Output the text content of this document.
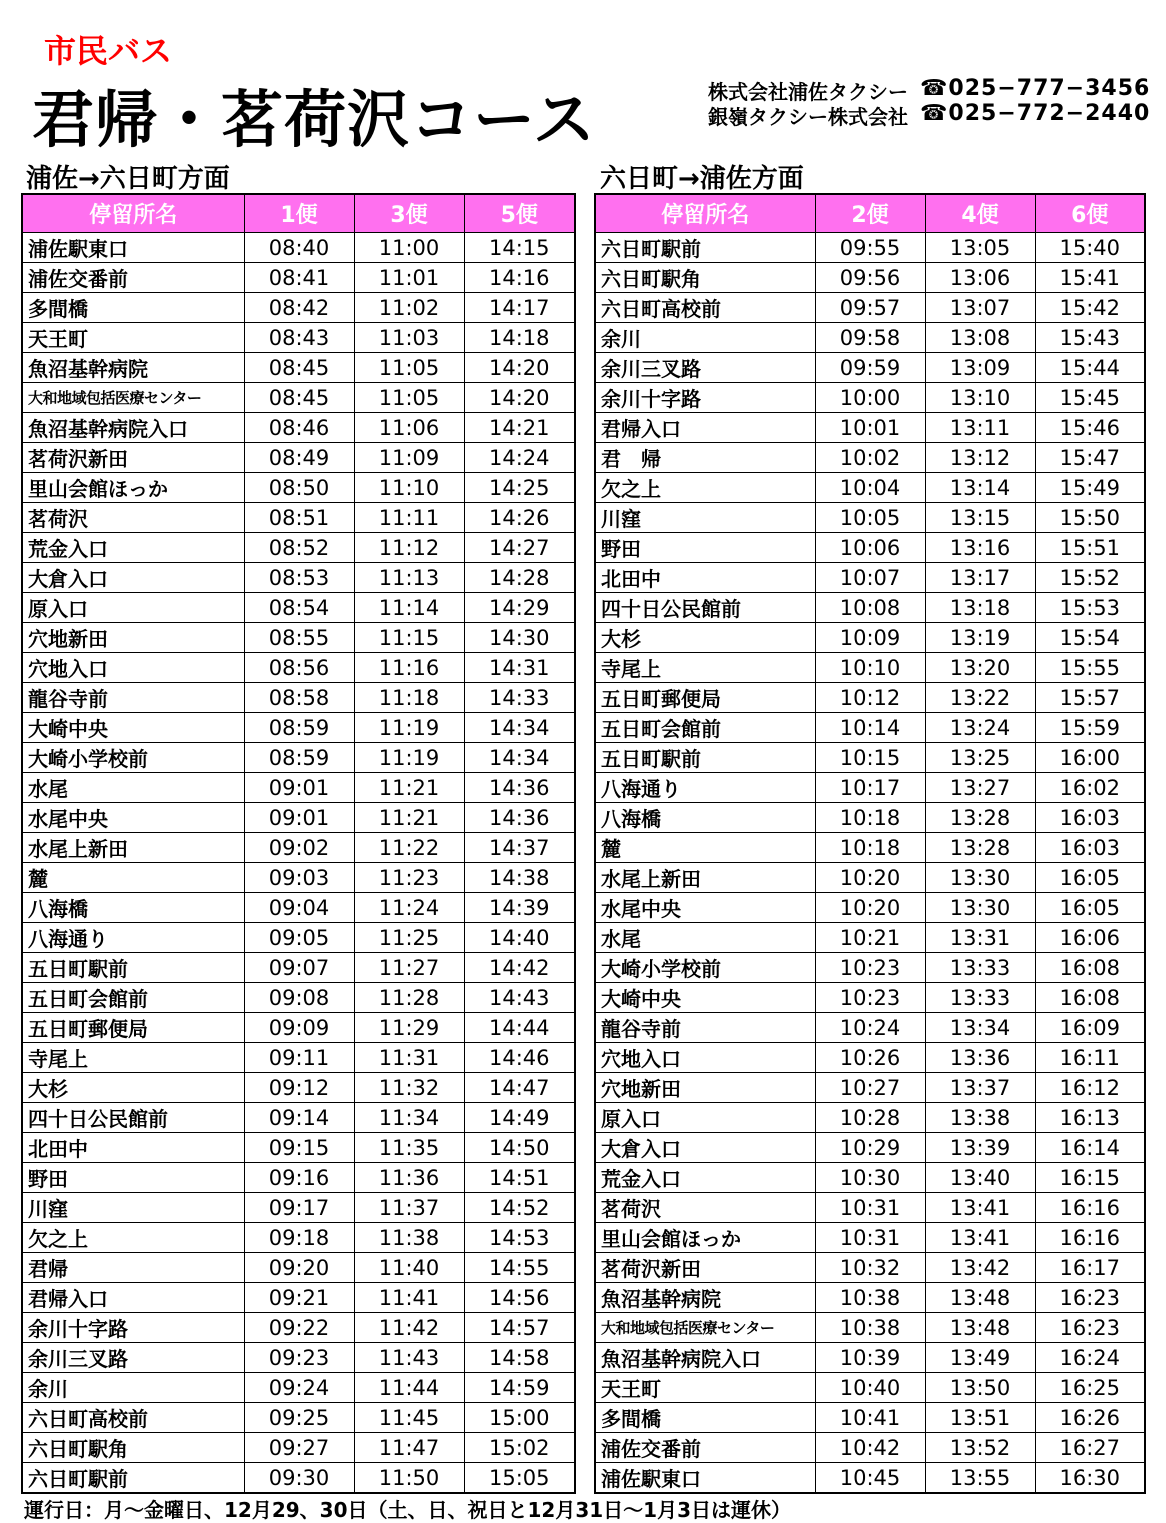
市民バス
君帰・茗荷沢コース	株式会社浦佐タクシー ☎025−777−3456
銀嶺タクシー株式会社 ☎025−772−2440
浦佐→六日町方面	六日町→浦佐方面
停留所名	1便	3便	5便
浦佐駅東口	08:40	11:00	14:15
浦佐交番前	08:41	11:01	14:16
多間橋	08:42	11:02	14:17
天王町	08:43	11:03	14:18
魚沼基幹病院	08:45	11:05	14:20
大和地域包括医療センター	08:45	11:05	14:20
魚沼基幹病院入口	08:46	11:06	14:21
茗荷沢新田	08:49	11:09	14:24
里山会館ほっか	08:50	11:10	14:25
茗荷沢	08:51	11:11	14:26
荒金入口	08:52	11:12	14:27
大倉入口	08:53	11:13	14:28
原入口	08:54	11:14	14:29
穴地新田	08:55	11:15	14:30
穴地入口	08:56	11:16	14:31
龍谷寺前	08:58	11:18	14:33
大崎中央	08:59	11:19	14:34
大崎小学校前	08:59	11:19	14:34
水尾	09:01	11:21	14:36
水尾中央	09:01	11:21	14:36
水尾上新田	09:02	11:22	14:37
麓	09:03	11:23	14:38
八海橋	09:04	11:24	14:39
八海通り	09:05	11:25	14:40
五日町駅前	09:07	11:27	14:42
五日町会館前	09:08	11:28	14:43
五日町郵便局	09:09	11:29	14:44
寺尾上	09:11	11:31	14:46
大杉	09:12	11:32	14:47
四十日公民館前	09:14	11:34	14:49
北田中	09:15	11:35	14:50
野田	09:16	11:36	14:51
川窪	09:17	11:37	14:52
欠之上	09:18	11:38	14:53
君帰	09:20	11:40	14:55
君帰入口	09:21	11:41	14:56
余川十字路	09:22	11:42	14:57
余川三叉路	09:23	11:43	14:58
余川	09:24	11:44	14:59
六日町高校前	09:25	11:45	15:00
六日町駅角	09:27	11:47	15:02
六日町駅前	09:30	11:50	15:05
停留所名	2便	4便	6便
六日町駅前	09:55	13:05	15:40
六日町駅角	09:56	13:06	15:41
六日町高校前	09:57	13:07	15:42
余川	09:58	13:08	15:43
余川三叉路	09:59	13:09	15:44
余川十字路	10:00	13:10	15:45
君帰入口	10:01	13:11	15:46
君　帰	10:02	13:12	15:47
欠之上	10:04	13:14	15:49
川窪	10:05	13:15	15:50
野田	10:06	13:16	15:51
北田中	10:07	13:17	15:52
四十日公民館前	10:08	13:18	15:53
大杉	10:09	13:19	15:54
寺尾上	10:10	13:20	15:55
五日町郵便局	10:12	13:22	15:57
五日町会館前	10:14	13:24	15:59
五日町駅前	10:15	13:25	16:00
八海通り	10:17	13:27	16:02
八海橋	10:18	13:28	16:03
麓	10:18	13:28	16:03
水尾上新田	10:20	13:30	16:05
水尾中央	10:20	13:30	16:05
水尾	10:21	13:31	16:06
大崎小学校前	10:23	13:33	16:08
大崎中央	10:23	13:33	16:08
龍谷寺前	10:24	13:34	16:09
穴地入口	10:26	13:36	16:11
穴地新田	10:27	13:37	16:12
原入口	10:28	13:38	16:13
大倉入口	10:29	13:39	16:14
荒金入口	10:30	13:40	16:15
茗荷沢	10:31	13:41	16:16
里山会館ほっか	10:31	13:41	16:16
茗荷沢新田	10:32	13:42	16:17
魚沼基幹病院	10:38	13:48	16:23
大和地域包括医療センター	10:38	13:48	16:23
魚沼基幹病院入口	10:39	13:49	16:24
天王町	10:40	13:50	16:25
多間橋	10:41	13:51	16:26
浦佐交番前	10:42	13:52	16:27
浦佐駅東口	10:45	13:55	16:30
運行日：月～金曜日、12月29、30日（土、日、祝日と12月31日～1月3日は運休）
